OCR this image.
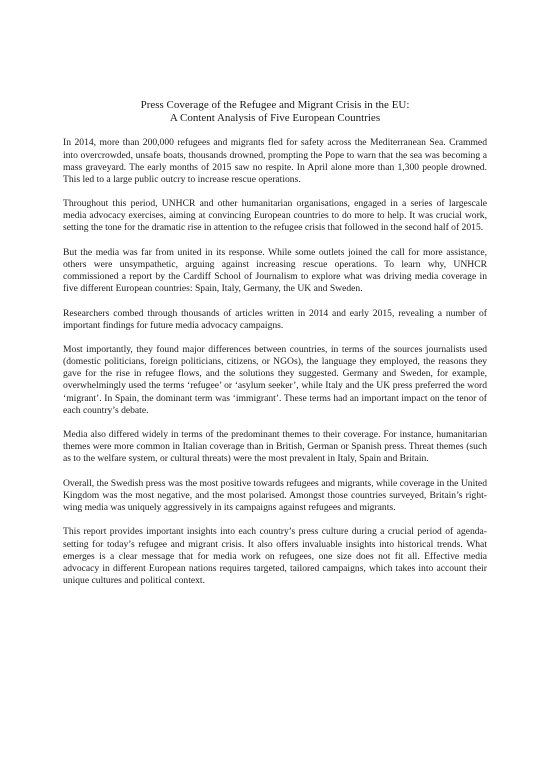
Press Coverage of the Refugee and Migrant Crisis in the EU:
A Content Analysis of Five European Countries

In 2014, more than 200,000 refugees and migrants fled for safety across the Mediterranean Sea. Crammed into overcrowded, unsafe boats, thousands drowned, prompting the Pope to warn that the sea was becoming a mass graveyard. The early months of 2015 saw no respite. In April alone more than 1,300 people drowned. This led to a large public outcry to increase rescue operations.

Throughout this period, UNHCR and other humanitarian organisations, engaged in a series of largescale media advocacy exercises, aiming at convincing European countries to do more to help. It was crucial work, setting the tone for the dramatic rise in attention to the refugee crisis that followed in the second half of 2015.

But the media was far from united in its response. While some outlets joined the call for more assistance, others were unsympathetic, arguing against increasing rescue operations. To learn why, UNHCR commissioned a report by the Cardiff School of Journalism to explore what was driving media coverage in five different European countries: Spain, Italy, Germany, the UK and Sweden.

Researchers combed through thousands of articles written in 2014 and early 2015, revealing a number of important findings for future media advocacy campaigns.

Most importantly, they found major differences between countries, in terms of the sources journalists used (domestic politicians, foreign politicians, citizens, or NGOs), the language they employed, the reasons they gave for the rise in refugee flows, and the solutions they suggested. Germany and Sweden, for example, overwhelmingly used the terms ‘refugee’ or ‘asylum seeker’, while Italy and the UK press preferred the word ‘migrant’. In Spain, the dominant term was ‘immigrant’. These terms had an important impact on the tenor of each country’s debate.

Media also differed widely in terms of the predominant themes to their coverage. For instance, humanitarian themes were more common in Italian coverage than in British, German or Spanish press. Threat themes (such as to the welfare system, or cultural threats) were the most prevalent in Italy, Spain and Britain.

Overall, the Swedish press was the most positive towards refugees and migrants, while coverage in the United Kingdom was the most negative, and the most polarised. Amongst those countries surveyed, Britain’s right-wing media was uniquely aggressively in its campaigns against refugees and migrants.

This report provides important insights into each country’s press culture during a crucial period of agenda-setting for today’s refugee and migrant crisis. It also offers invaluable insights into historical trends. What emerges is a clear message that for media work on refugees, one size does not fit all. Effective media advocacy in different European nations requires targeted, tailored campaigns, which takes into account their unique cultures and political context.
